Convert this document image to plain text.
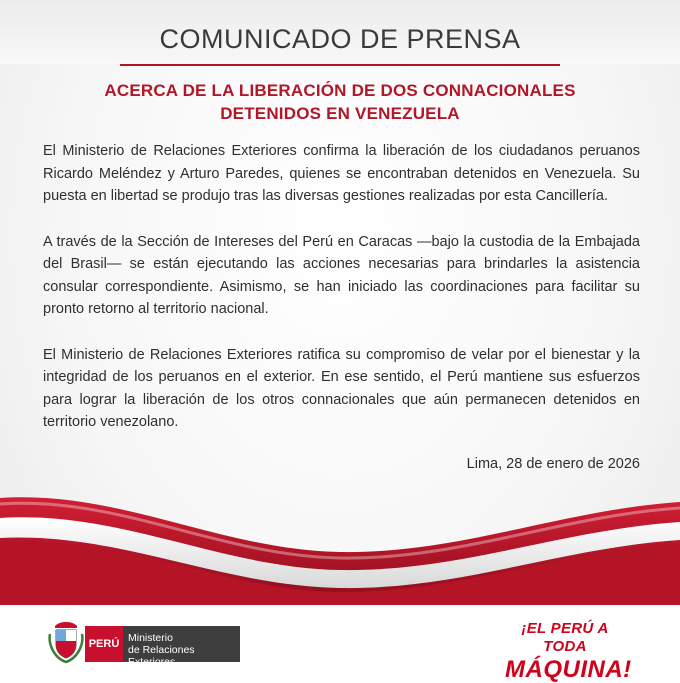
COMUNICADO DE PRENSA
ACERCA DE LA LIBERACIÓN DE DOS CONNACIONALES
DETENIDOS EN VENEZUELA

El Ministerio de Relaciones Exteriores confirma la liberación de los ciudadanos peruanos Ricardo Meléndez y Arturo Paredes, quienes se encontraban detenidos en Venezuela. Su puesta en libertad se produjo tras las diversas gestiones realizadas por esta Cancillería.

A través de la Sección de Intereses del Perú en Caracas —bajo la custodia de la Embajada del Brasil— se están ejecutando las acciones necesarias para brindarles la asistencia consular correspondiente. Asimismo, se han iniciado las coordinaciones para facilitar su pronto retorno al territorio nacional.

El Ministerio de Relaciones Exteriores ratifica su compromiso de velar por el bienestar y la integridad de los peruanos en el exterior. En ese sentido, el Perú mantiene sus esfuerzos para lograr la liberación de los otros connacionales que aún permanecen detenidos en territorio venezolano.

Lima, 28 de enero de 2026
PERÚ Ministerio
de Relaciones Exteriores
¡EL PERÚ A TODA
MÁQUINA!
